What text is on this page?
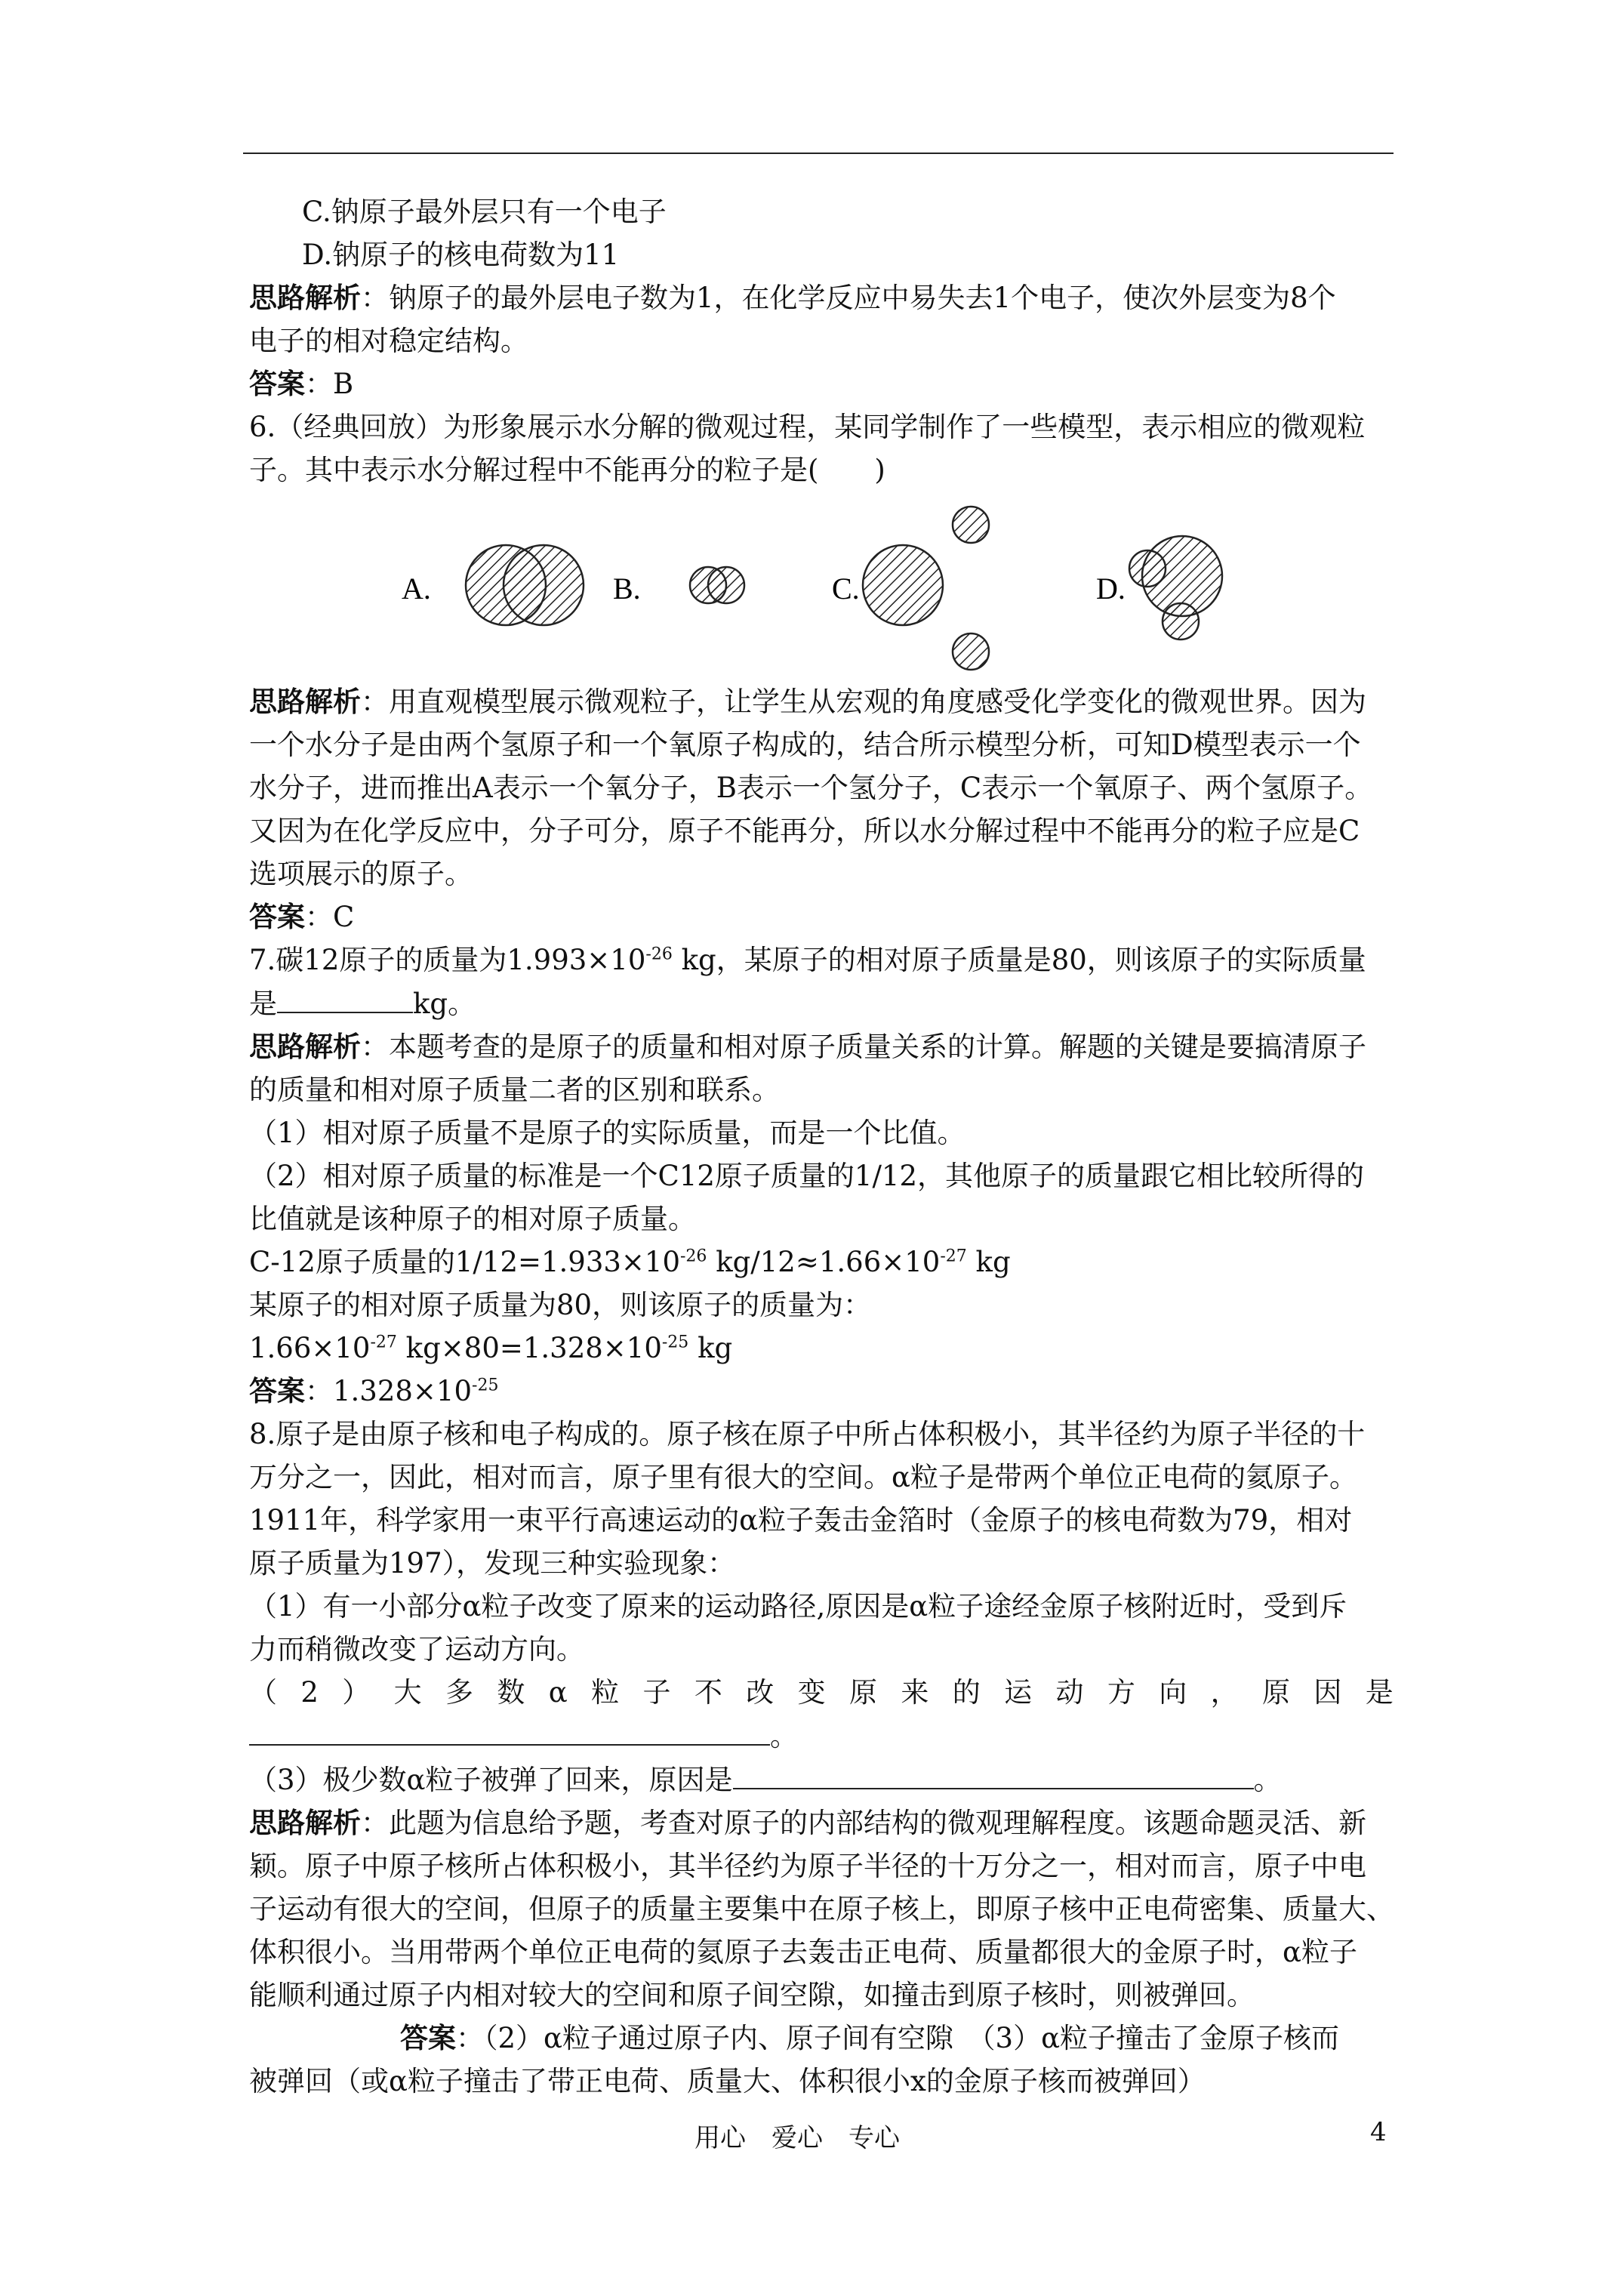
C.钠原子最外层只有一个电子
D.钠原子的核电荷数为11
思路解析：钠原子的最外层电子数为1，在化学反应中易失去1个电子，使次外层变为8个
电子的相对稳定结构。
答案：B
6.（经典回放）为形象展示水分解的微观过程，某同学制作了一些模型，表示相应的微观粒
子。其中表示水分解过程中不能再分的粒子是(　　)
A.	B.	C.	D.
思路解析：用直观模型展示微观粒子，让学生从宏观的角度感受化学变化的微观世界。因为
一个水分子是由两个氢原子和一个氧原子构成的，结合所示模型分析，可知D模型表示一个
水分子，进而推出A表示一个氧分子，B表示一个氢分子，C表示一个氧原子、两个氢原子。
又因为在化学反应中，分子可分，原子不能再分，所以水分解过程中不能再分的粒子应是C
选项展示的原子。
答案：C
7.碳12原子的质量为$1.993\times 10^{-26}$ kg，某原子的相对原子质量是80，则该原子的实际质量
是	kg。
思路解析：本题考查的是原子的质量和相对原子质量关系的计算。解题的关键是要搞清原子
的质量和相对原子质量二者的区别和联系。
（1）相对原子质量不是原子的实际质量，而是一个比值。
（2）相对原子质量的标准是一个C12原子质量的1/12，其他原子的质量跟它相比较所得的
比值就是该种原子的相对原子质量。
C-12原子质量的$1/12=1.933\times 10^{-26}$ $kg/12\approx 1.66\times 10^{-27}$ kg
某原子的相对原子质量为80，则该原子的质量为：
$1.66\times 10^{-27}$ $kg\times 80=1.328\times 10^{-25}$ kg
答案：$1.328\times 10^{-25}$
8.原子是由原子核和电子构成的。原子核在原子中所占体积极小，其半径约为原子半径的十
万分之一，因此，相对而言，原子里有很大的空间。α粒子是带两个单位正电荷的氦原子。
1911年，科学家用一束平行高速运动的α粒子轰击金箔时（金原子的核电荷数为79，相对
原子质量为197），发现三种实验现象：
（1）有一小部分α粒子改变了原来的运动路径,原因是α粒子途经金原子核附近时，受到斥
力而稍微改变了运动方向。
（ 2 ） 大 多 数 α 粒 子 不 改 变 原 来 的 运 动 方 向 ， 原 因 是
。
（3）极少数α粒子被弹了回来，原因是	。
思路解析：此题为信息给予题，考查对原子的内部结构的微观理解程度。该题命题灵活、新
颖。原子中原子核所占体积极小，其半径约为原子半径的十万分之一，相对而言，原子中电
子运动有很大的空间，但原子的质量主要集中在原子核上，即原子核中正电荷密集、质量大、
体积很小。当用带两个单位正电荷的氦原子去轰击正电荷、质量都很大的金原子时，α粒子
能顺利通过原子内相对较大的空间和原子间空隙，如撞击到原子核时，则被弹回。
答案：（2）α粒子通过原子内、原子间有空隙　（3）α粒子撞击了金原子核而
被弹回（或α粒子撞击了带正电荷、质量大、体积很小x的金原子核而被弹回）
用心　爱心　专心	4
